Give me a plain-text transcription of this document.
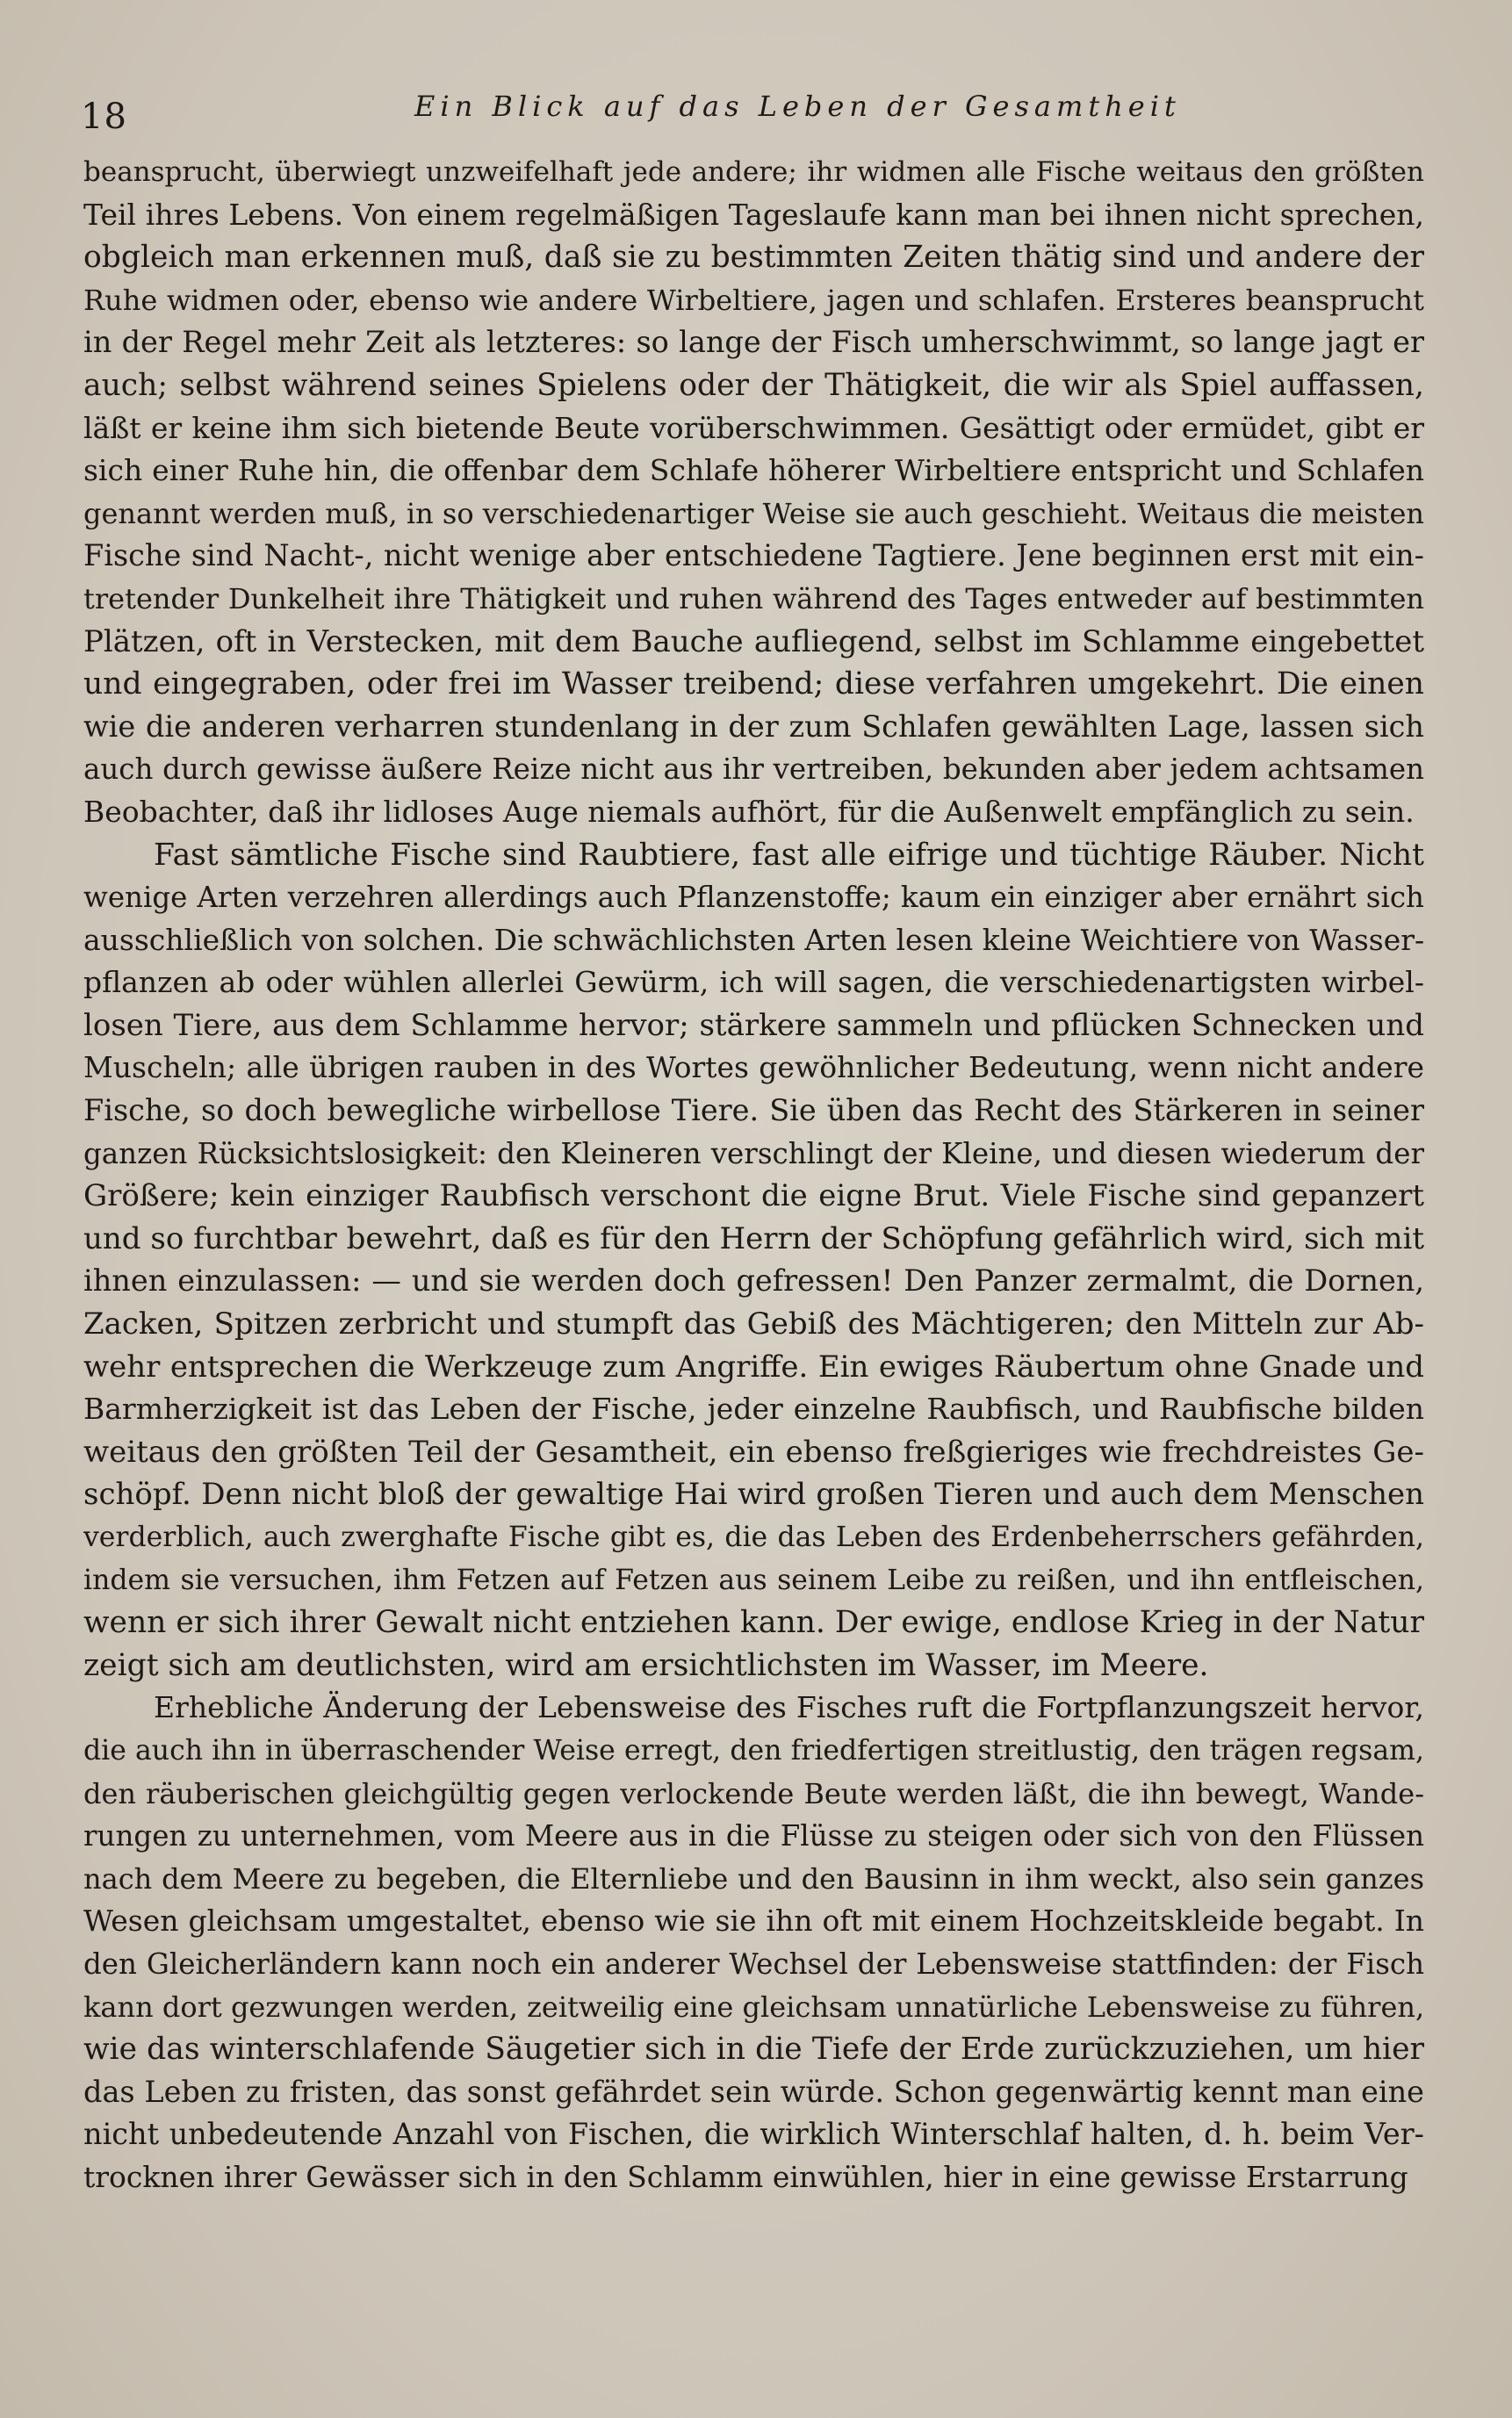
18	Ein Blick auf das Leben der Gesamtheit

beansprucht, überwiegt unzweifelhaft jede andere; ihr widmen alle Fische weitaus den größten
Teil ihres Lebens. Von einem regelmäßigen Tageslaufe kann man bei ihnen nicht sprechen,
obgleich man erkennen muß, daß sie zu bestimmten Zeiten thätig sind und andere der
Ruhe widmen oder, ebenso wie andere Wirbeltiere, jagen und schlafen. Ersteres beansprucht
in der Regel mehr Zeit als letzteres: so lange der Fisch umherschwimmt, so lange jagt er
auch; selbst während seines Spielens oder der Thätigkeit, die wir als Spiel auffassen,
läßt er keine ihm sich bietende Beute vorüberschwimmen. Gesättigt oder ermüdet, gibt er
sich einer Ruhe hin, die offenbar dem Schlafe höherer Wirbeltiere entspricht und Schlafen
genannt werden muß, in so verschiedenartiger Weise sie auch geschieht. Weitaus die meisten
Fische sind Nacht-, nicht wenige aber entschiedene Tagtiere. Jene beginnen erst mit ein-
tretender Dunkelheit ihre Thätigkeit und ruhen während des Tages entweder auf bestimmten
Plätzen, oft in Verstecken, mit dem Bauche aufliegend, selbst im Schlamme eingebettet
und eingegraben, oder frei im Wasser treibend; diese verfahren umgekehrt. Die einen
wie die anderen verharren stundenlang in der zum Schlafen gewählten Lage, lassen sich
auch durch gewisse äußere Reize nicht aus ihr vertreiben, bekunden aber jedem achtsamen
Beobachter, daß ihr lidloses Auge niemals aufhört, für die Außenwelt empfänglich zu sein.

Fast sämtliche Fische sind Raubtiere, fast alle eifrige und tüchtige Räuber. Nicht
wenige Arten verzehren allerdings auch Pflanzenstoffe; kaum ein einziger aber ernährt sich
ausschließlich von solchen. Die schwächlichsten Arten lesen kleine Weichtiere von Wasser-
pflanzen ab oder wühlen allerlei Gewürm, ich will sagen, die verschiedenartigsten wirbel-
losen Tiere, aus dem Schlamme hervor; stärkere sammeln und pflücken Schnecken und
Muscheln; alle übrigen rauben in des Wortes gewöhnlicher Bedeutung, wenn nicht andere
Fische, so doch bewegliche wirbellose Tiere. Sie üben das Recht des Stärkeren in seiner
ganzen Rücksichtslosigkeit: den Kleineren verschlingt der Kleine, und diesen wiederum der
Größere; kein einziger Raubfisch verschont die eigne Brut. Viele Fische sind gepanzert
und so furchtbar bewehrt, daß es für den Herrn der Schöpfung gefährlich wird, sich mit
ihnen einzulassen: — und sie werden doch gefressen! Den Panzer zermalmt, die Dornen,
Zacken, Spitzen zerbricht und stumpft das Gebiß des Mächtigeren; den Mitteln zur Ab-
wehr entsprechen die Werkzeuge zum Angriffe. Ein ewiges Räubertum ohne Gnade und
Barmherzigkeit ist das Leben der Fische, jeder einzelne Raubfisch, und Raubfische bilden
weitaus den größten Teil der Gesamtheit, ein ebenso freßgieriges wie frechdreistes Ge-
schöpf. Denn nicht bloß der gewaltige Hai wird großen Tieren und auch dem Menschen
verderblich, auch zwerghafte Fische gibt es, die das Leben des Erdenbeherrschers gefährden,
indem sie versuchen, ihm Fetzen auf Fetzen aus seinem Leibe zu reißen, und ihn entfleischen,
wenn er sich ihrer Gewalt nicht entziehen kann. Der ewige, endlose Krieg in der Natur
zeigt sich am deutlichsten, wird am ersichtlichsten im Wasser, im Meere.

Erhebliche Änderung der Lebensweise des Fisches ruft die Fortpflanzungszeit hervor,
die auch ihn in überraschender Weise erregt, den friedfertigen streitlustig, den trägen regsam,
den räuberischen gleichgültig gegen verlockende Beute werden läßt, die ihn bewegt, Wande-
rungen zu unternehmen, vom Meere aus in die Flüsse zu steigen oder sich von den Flüssen
nach dem Meere zu begeben, die Elternliebe und den Bausinn in ihm weckt, also sein ganzes
Wesen gleichsam umgestaltet, ebenso wie sie ihn oft mit einem Hochzeitskleide begabt. In
den Gleicherländern kann noch ein anderer Wechsel der Lebensweise stattfinden: der Fisch
kann dort gezwungen werden, zeitweilig eine gleichsam unnatürliche Lebensweise zu führen,
wie das winterschlafende Säugetier sich in die Tiefe der Erde zurückzuziehen, um hier
das Leben zu fristen, das sonst gefährdet sein würde. Schon gegenwärtig kennt man eine
nicht unbedeutende Anzahl von Fischen, die wirklich Winterschlaf halten, d. h. beim Ver-
trocknen ihrer Gewässer sich in den Schlamm einwühlen, hier in eine gewisse Erstarrung
